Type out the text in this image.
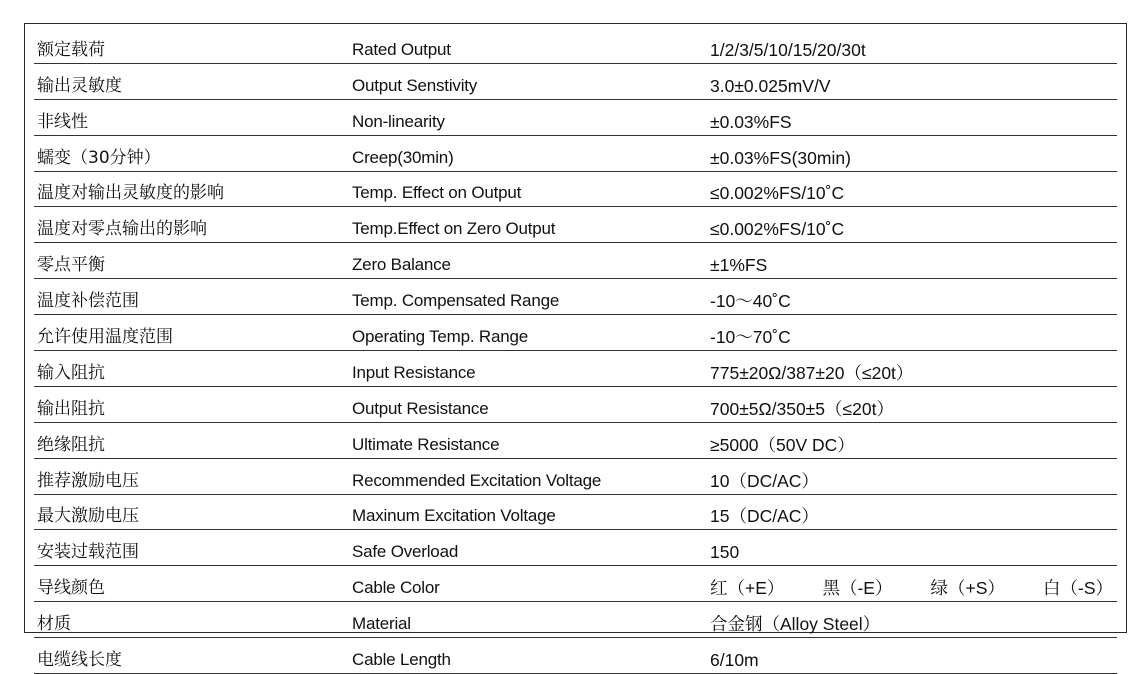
额定载荷	Rated Output	1/2/3/5/10/15/20/30t
输出灵敏度	Output Senstivity	3.0±0.025mV/V
非线性	Non-linearity	±0.03%FS
蠕变（30分钟）	Creep(30min)	±0.03%FS(30min)
温度对输出灵敏度的影响	Temp. Effect on Output	≤0.002%FS/10˚C
温度对零点输出的影响	Temp.Effect on Zero Output	≤0.002%FS/10˚C
零点平衡	Zero Balance	±1%FS
温度补偿范围	Temp. Compensated Range	-10～40˚C
允许使用温度范围	Operating Temp. Range	-10～70˚C
输入阻抗	Input Resistance	775±20Ω/387±20（≤20t）
输出阻抗	Output Resistance	700±5Ω/350±5（≤20t）
绝缘阻抗	Ultimate Resistance	≥5000（50V DC）
推荐激励电压	Recommended Excitation Voltage	10（DC/AC）
最大激励电压	Maxinum Excitation Voltage	15（DC/AC）
安装过载范围	Safe Overload	150
导线颜色	Cable Color	红（+E） 黑（-E） 绿（+S） 白（-S）

材质	Material	合金钢（Alloy Steel）
电缆线长度	Cable Length	6/10m
